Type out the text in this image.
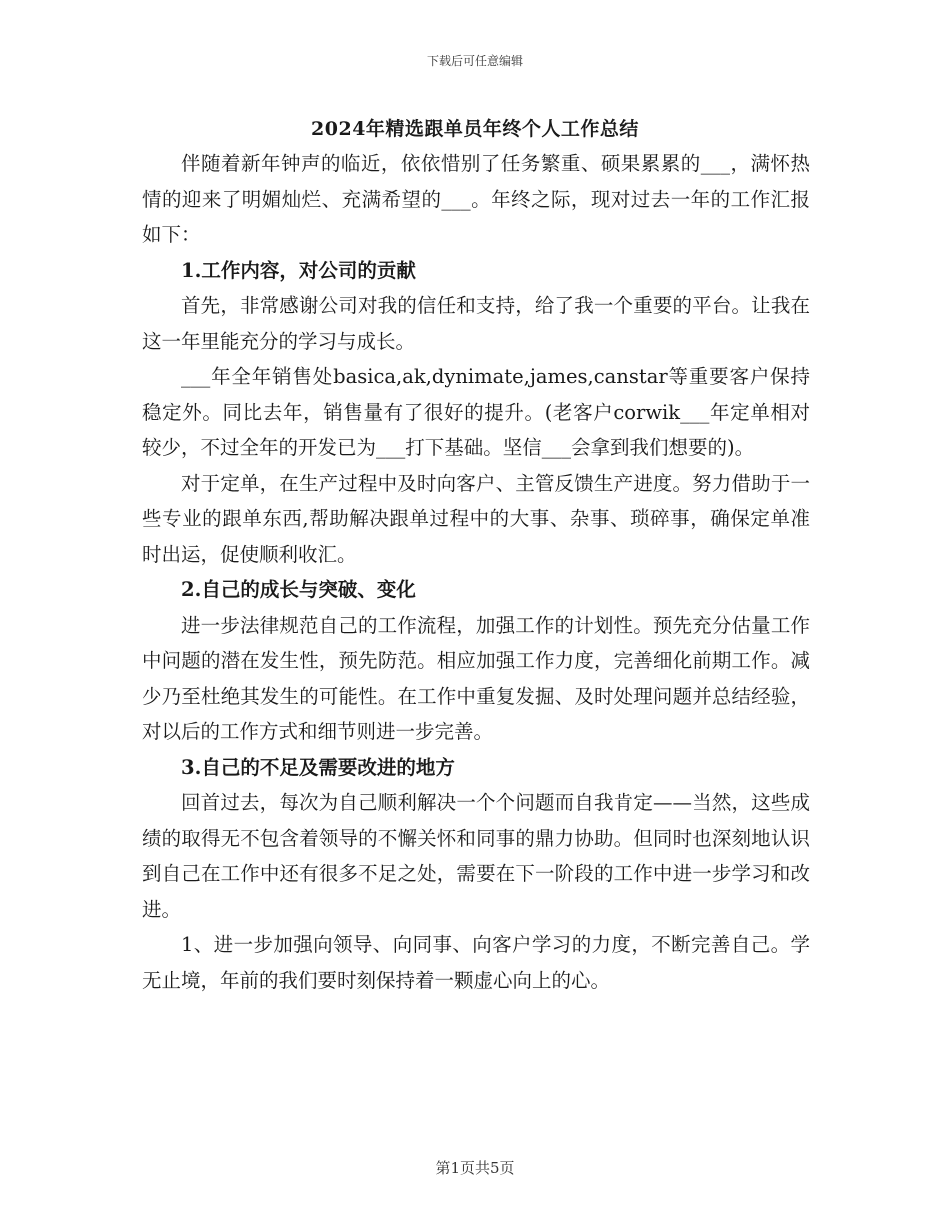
下载后可任意编辑
2024年精选跟单员年终个人工作总结

伴随着新年钟声的临近，依依惜别了任务繁重、硕果累累的___，满怀热情的迎来了明媚灿烂、充满希望的___。年终之际，现对过去一年的工作汇报如下：

1.工作内容，对公司的贡献

首先，非常感谢公司对我的信任和支持，给了我一个重要的平台。让我在这一年里能充分的学习与成长。

___年全年销售处basica,ak,dynimate,james,canstar等重要客户保持稳定外。同比去年，销售量有了很好的提升。(老客户corwik___年定单相对较少，不过全年的开发已为___打下基础。坚信___会拿到我们想要的)。

对于定单，在生产过程中及时向客户、主管反馈生产进度。努力借助于一些专业的跟单东西,帮助解决跟单过程中的大事、杂事、琐碎事，确保定单准时出运，促使顺利收汇。

2.自己的成长与突破、变化

进一步法律规范自己的工作流程，加强工作的计划性。预先充分估量工作中问题的潜在发生性，预先防范。相应加强工作力度，完善细化前期工作。减少乃至杜绝其发生的可能性。在工作中重复发掘、及时处理问题并总结经验，对以后的工作方式和细节则进一步完善。

3.自己的不足及需要改进的地方

回首过去，每次为自己顺利解决一个个问题而自我肯定——当然，这些成绩的取得无不包含着领导的不懈关怀和同事的鼎力协助。但同时也深刻地认识到自己在工作中还有很多不足之处，需要在下一阶段的工作中进一步学习和改进。

1、进一步加强向领导、向同事、向客户学习的力度，不断完善自己。学无止境，年前的我们要时刻保持着一颗虚心向上的心。

第1页共5页
